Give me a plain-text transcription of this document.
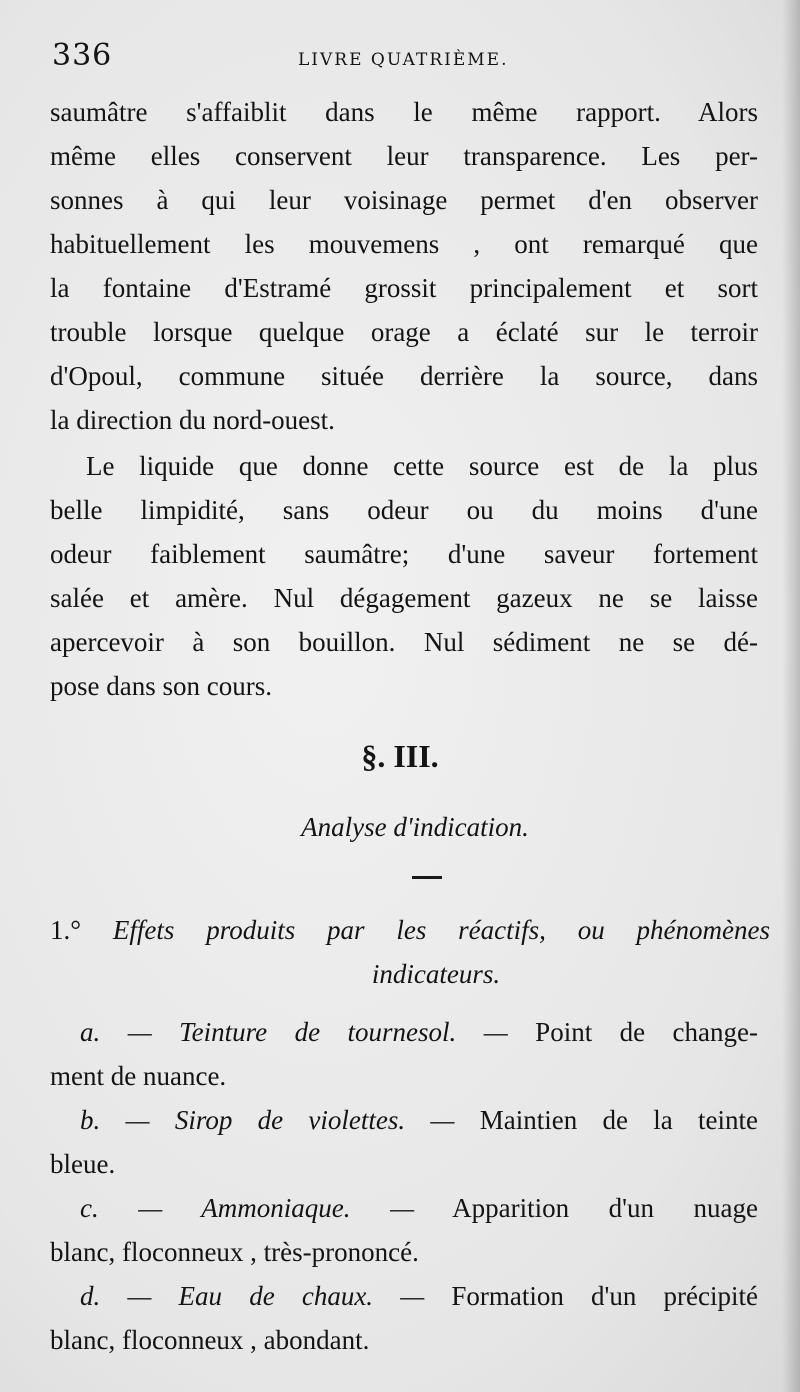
336	LIVRE QUATRIÈME.
saumâtre s'affaiblit dans le même rapport. Alors
même elles conservent leur transparence. Les per-
sonnes à qui leur voisinage permet d'en observer
habituellement les mouvemens , ont remarqué que
la fontaine d'Estramé grossit principalement et sort
trouble lorsque quelque orage a éclaté sur le terroir
d'Opoul, commune située derrière la source, dans
la direction du nord-ouest.
Le liquide que donne cette source est de la plus
belle limpidité, sans odeur ou du moins d'une
odeur faiblement saumâtre; d'une saveur fortement
salée et amère. Nul dégagement gazeux ne se laisse
apercevoir à son bouillon. Nul sédiment ne se dé-
pose dans son cours.
§. III.
Analyse d'indication.
1.° Effets produits par les réactifs, ou phénomènes
indicateurs.
a. — Teinture de tournesol. — Point de change-
ment de nuance.
b. — Sirop de violettes. — Maintien de la teinte
bleue.
c. — Ammoniaque. — Apparition d'un nuage
blanc, floconneux , très-prononcé.
d. — Eau de chaux. — Formation d'un précipité
blanc, floconneux , abondant.
